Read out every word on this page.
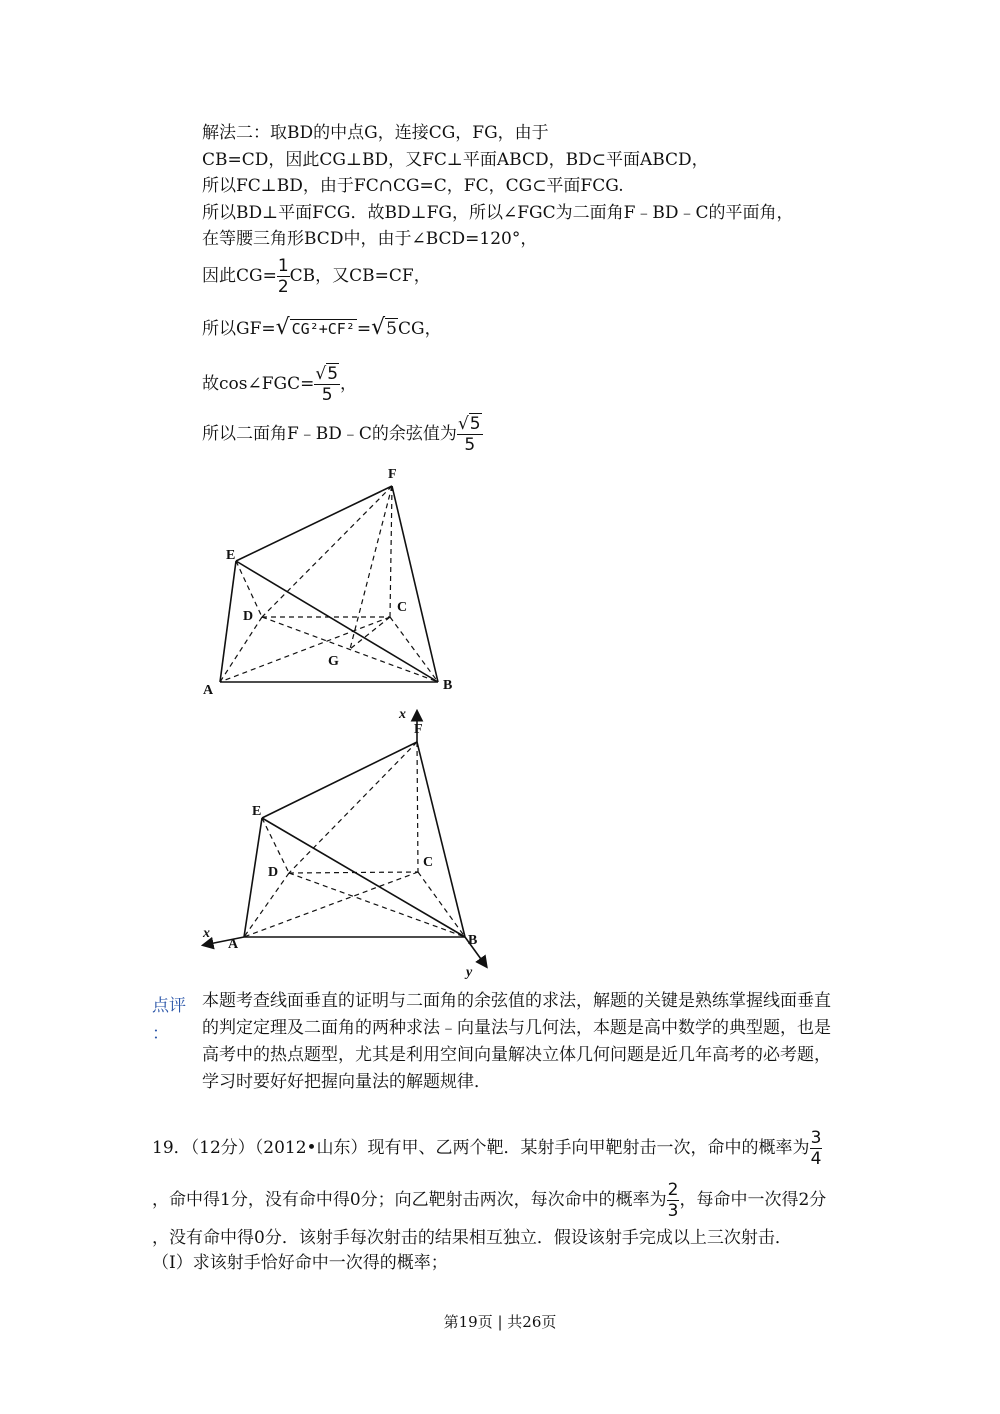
解法二：取BD的中点G，连接CG，FG，由于
CB=CD，因此CG⊥BD，又FC⊥平面ABCD，BD⊂平面ABCD，
所以FC⊥BD，由于FC∩CG=C，FC，CG⊂平面FCG.
所以BD⊥平面FCG．故BD⊥FG，所以∠FGC为二面角F﹣BD﹣C的平面角，
在等腰三角形BCD中，由于∠BCD=120°，
因此$CG= \frac{1}{2}$ CB，又CB=CF，
所以GF=√ CG²+CF² =√5CG，
故cos∠FGC= $\frac{√5}{5}$ ，
所以二面角F﹣BD﹣C的余弦值为 $\frac{√5}{5}$
F
E
D
C
G
A	B
x
F
E
D
C
x
A	B
y
点评
：
本题考查线面垂直的证明与二面角的余弦值的求法，解题的关键是熟练掌握线面垂直的判定定理及二面角的两种求法﹣向量法与几何法，本题是高中数学的典型题，也是高考中的热点题型，尤其是利用空间向量解决立体几何问题是近几年高考的必考题，学习时要好好把握向量法的解题规律．
19．（12分）（2012•山东）现有甲、乙两个靶．某射手向甲靶射击一次，命中的概率为 $\frac{3}{4}$
，命中得1分，没有命中得0分；向乙靶射击两次，每次命中的概率为 $\frac{2}{3}$ ，每命中一次得2分
，没有命中得0分．该射手每次射击的结果相互独立．假设该射手完成以上三次射击．
（Ⅰ）求该射手恰好命中一次得的概率；
第19页 | 共26页
